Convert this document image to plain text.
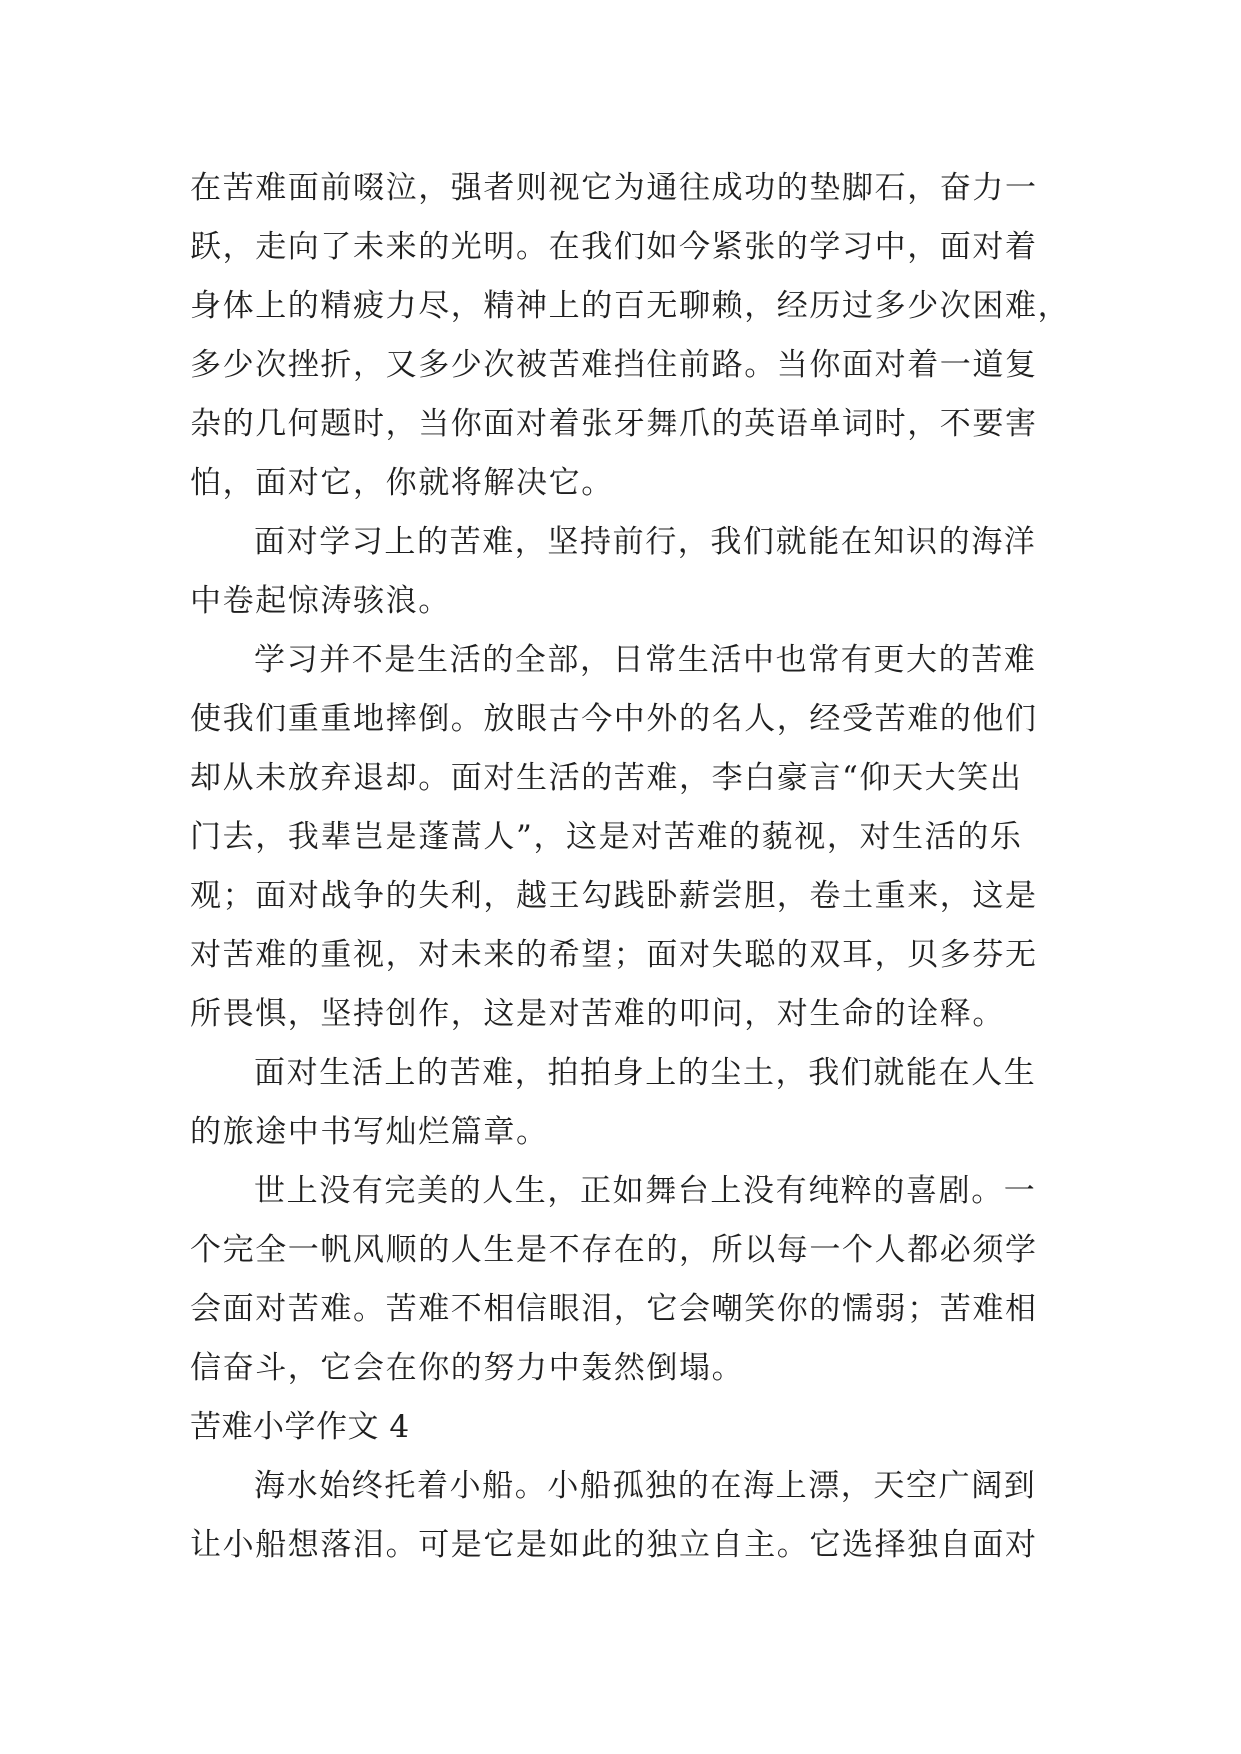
在苦难面前啜泣，强者则视它为通往成功的垫脚石，奋力一
跃，走向了未来的光明。在我们如今紧张的学习中，面对着
身体上的精疲力尽，精神上的百无聊赖，经历过多少次困难，
多少次挫折，又多少次被苦难挡住前路。当你面对着一道复
杂的几何题时，当你面对着张牙舞爪的英语单词时，不要害
怕，面对它，你就将解决它。
面对学习上的苦难，坚持前行，我们就能在知识的海洋
中卷起惊涛骇浪。
学习并不是生活的全部，日常生活中也常有更大的苦难
使我们重重地摔倒。放眼古今中外的名人，经受苦难的他们
却从未放弃退却。面对生活的苦难，李白豪言“仰天大笑出
门去，我辈岂是蓬蒿人”，这是对苦难的藐视，对生活的乐
观；面对战争的失利，越王勾践卧薪尝胆，卷土重来，这是
对苦难的重视，对未来的希望；面对失聪的双耳，贝多芬无
所畏惧，坚持创作，这是对苦难的叩问，对生命的诠释。
面对生活上的苦难，拍拍身上的尘土，我们就能在人生
的旅途中书写灿烂篇章。
世上没有完美的人生，正如舞台上没有纯粹的喜剧。一
个完全一帆风顺的人生是不存在的，所以每一个人都必须学
会面对苦难。苦难不相信眼泪，它会嘲笑你的懦弱；苦难相
信奋斗，它会在你的努力中轰然倒塌。
苦难小学作文 4
海水始终托着小船。小船孤独的在海上漂，天空广阔到
让小船想落泪。可是它是如此的独立自主。它选择独自面对
